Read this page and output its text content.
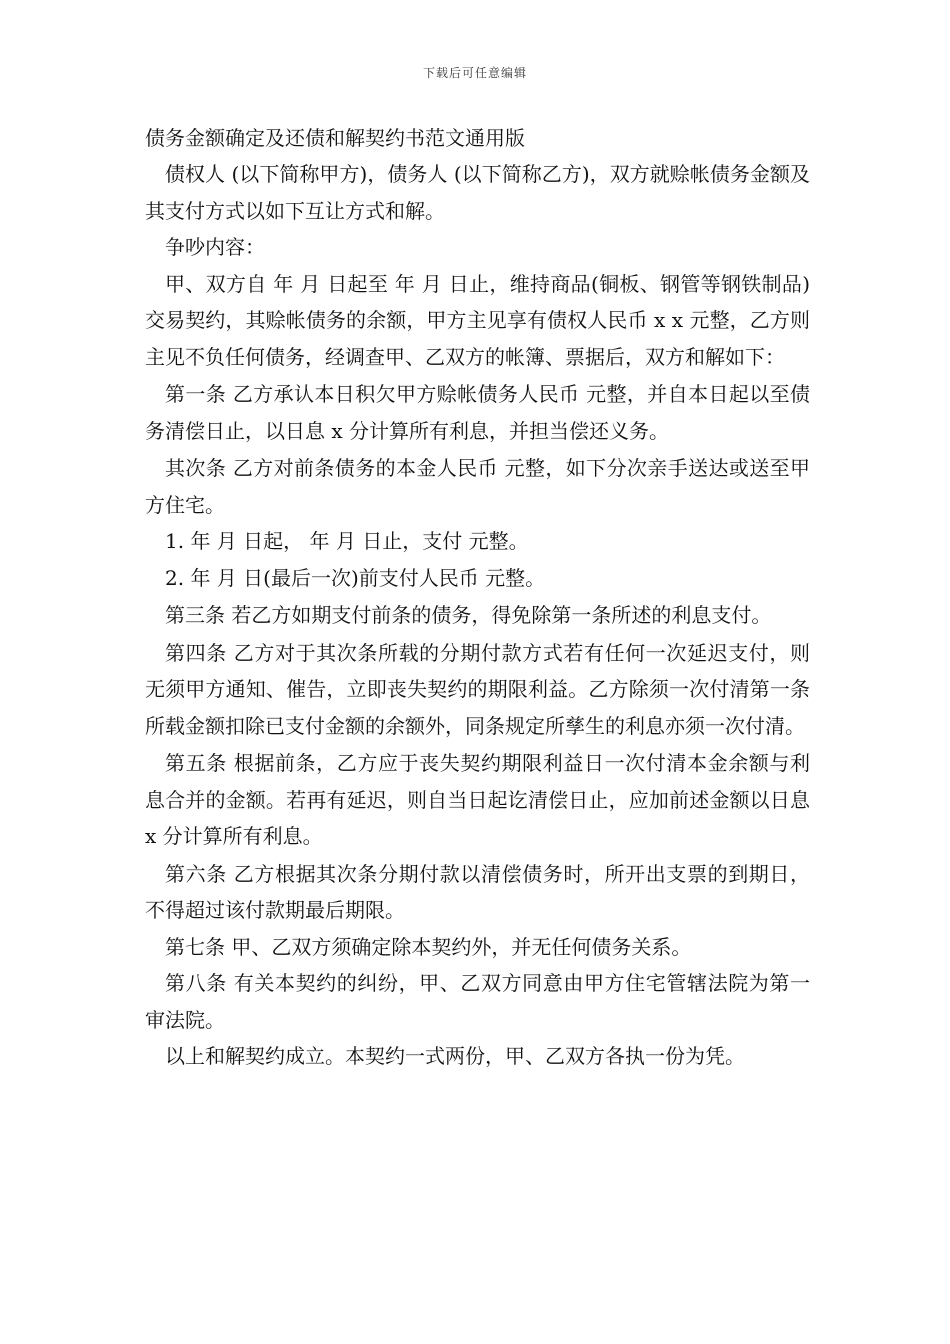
下载后可任意编辑
债务金额确定及还债和解契约书范文通用版

债权人 (以下简称甲方)，债务人 (以下简称乙方)，双方就赊帐债务金额及其支付方式以如下互让方式和解。

争吵内容：

甲、双方自 年 月 日起至 年 月 日止，维持商品(铜板、钢管等钢铁制品)交易契约，其赊帐债务的余额，甲方主见享有债权人民币 x x 元整，乙方则主见不负任何债务，经调查甲、乙双方的帐簿、票据后，双方和解如下：

第一条 乙方承认本日积欠甲方赊帐债务人民币 元整，并自本日起以至债务清偿日止，以日息 x 分计算所有利息，并担当偿还义务。

其次条 乙方对前条债务的本金人民币 元整，如下分次亲手送达或送至甲方住宅。

1. 年 月 日起， 年 月 日止，支付 元整。

2. 年 月 日(最后一次)前支付人民币 元整。

第三条 若乙方如期支付前条的债务，得免除第一条所述的利息支付。

第四条 乙方对于其次条所载的分期付款方式若有任何一次延迟支付，则无须甲方通知、催告，立即丧失契约的期限利益。乙方除须一次付清第一条所载金额扣除已支付金额的余额外，同条规定所孳生的利息亦须一次付清。

第五条 根据前条，乙方应于丧失契约期限利益日一次付清本金余额与利息合并的金额。若再有延迟，则自当日起讫清偿日止，应加前述金额以日息 x 分计算所有利息。

第六条 乙方根据其次条分期付款以清偿债务时，所开出支票的到期日，不得超过该付款期最后期限。

第七条 甲、乙双方须确定除本契约外，并无任何债务关系。

第八条 有关本契约的纠纷，甲、乙双方同意由甲方住宅管辖法院为第一审法院。

以上和解契约成立。本契约一式两份，甲、乙双方各执一份为凭。
